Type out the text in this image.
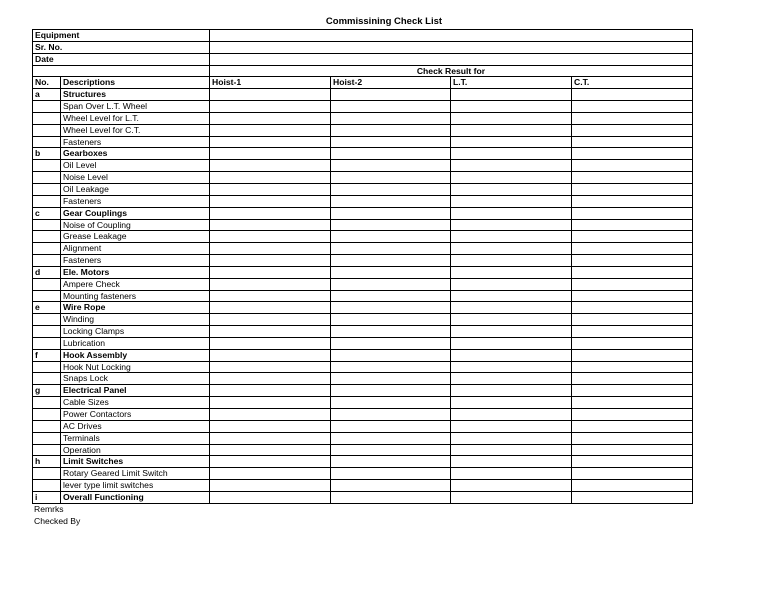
Commissining Check List
Equipment					
Sr. No.					
Date					
		Check Result for			
No.	Descriptions	Hoist-1	Hoist-2	L.T.	C.T.
a	Structures				
	Span Over L.T. Wheel				
	Wheel Level for L.T.				
	Wheel Level for C.T.				
	Fasteners				
b	Gearboxes				
	Oil Level				
	Noise Level				
	Oil Leakage				
	Fasteners				
c	Gear Couplings				
	Noise of Coupling				
	Grease Leakage				
	Alignment				
	Fasteners				
d	Ele. Motors				
	Ampere Check				
	Mounting fasteners				
e	Wire Rope				
	Winding				
	Locking Clamps				
	Lubrication				
f	Hook Assembly				
	Hook Nut Locking				
	Snaps Lock				
g	Electrical Panel				
	Cable Sizes				
	Power Contactors				
	AC Drives				
	Terminals				
	Operation				
h	Limit Switches				
	Rotary Geared Limit Switch				
	lever type limit switches				
i	Overall Functioning				
Remrks
Checked By
